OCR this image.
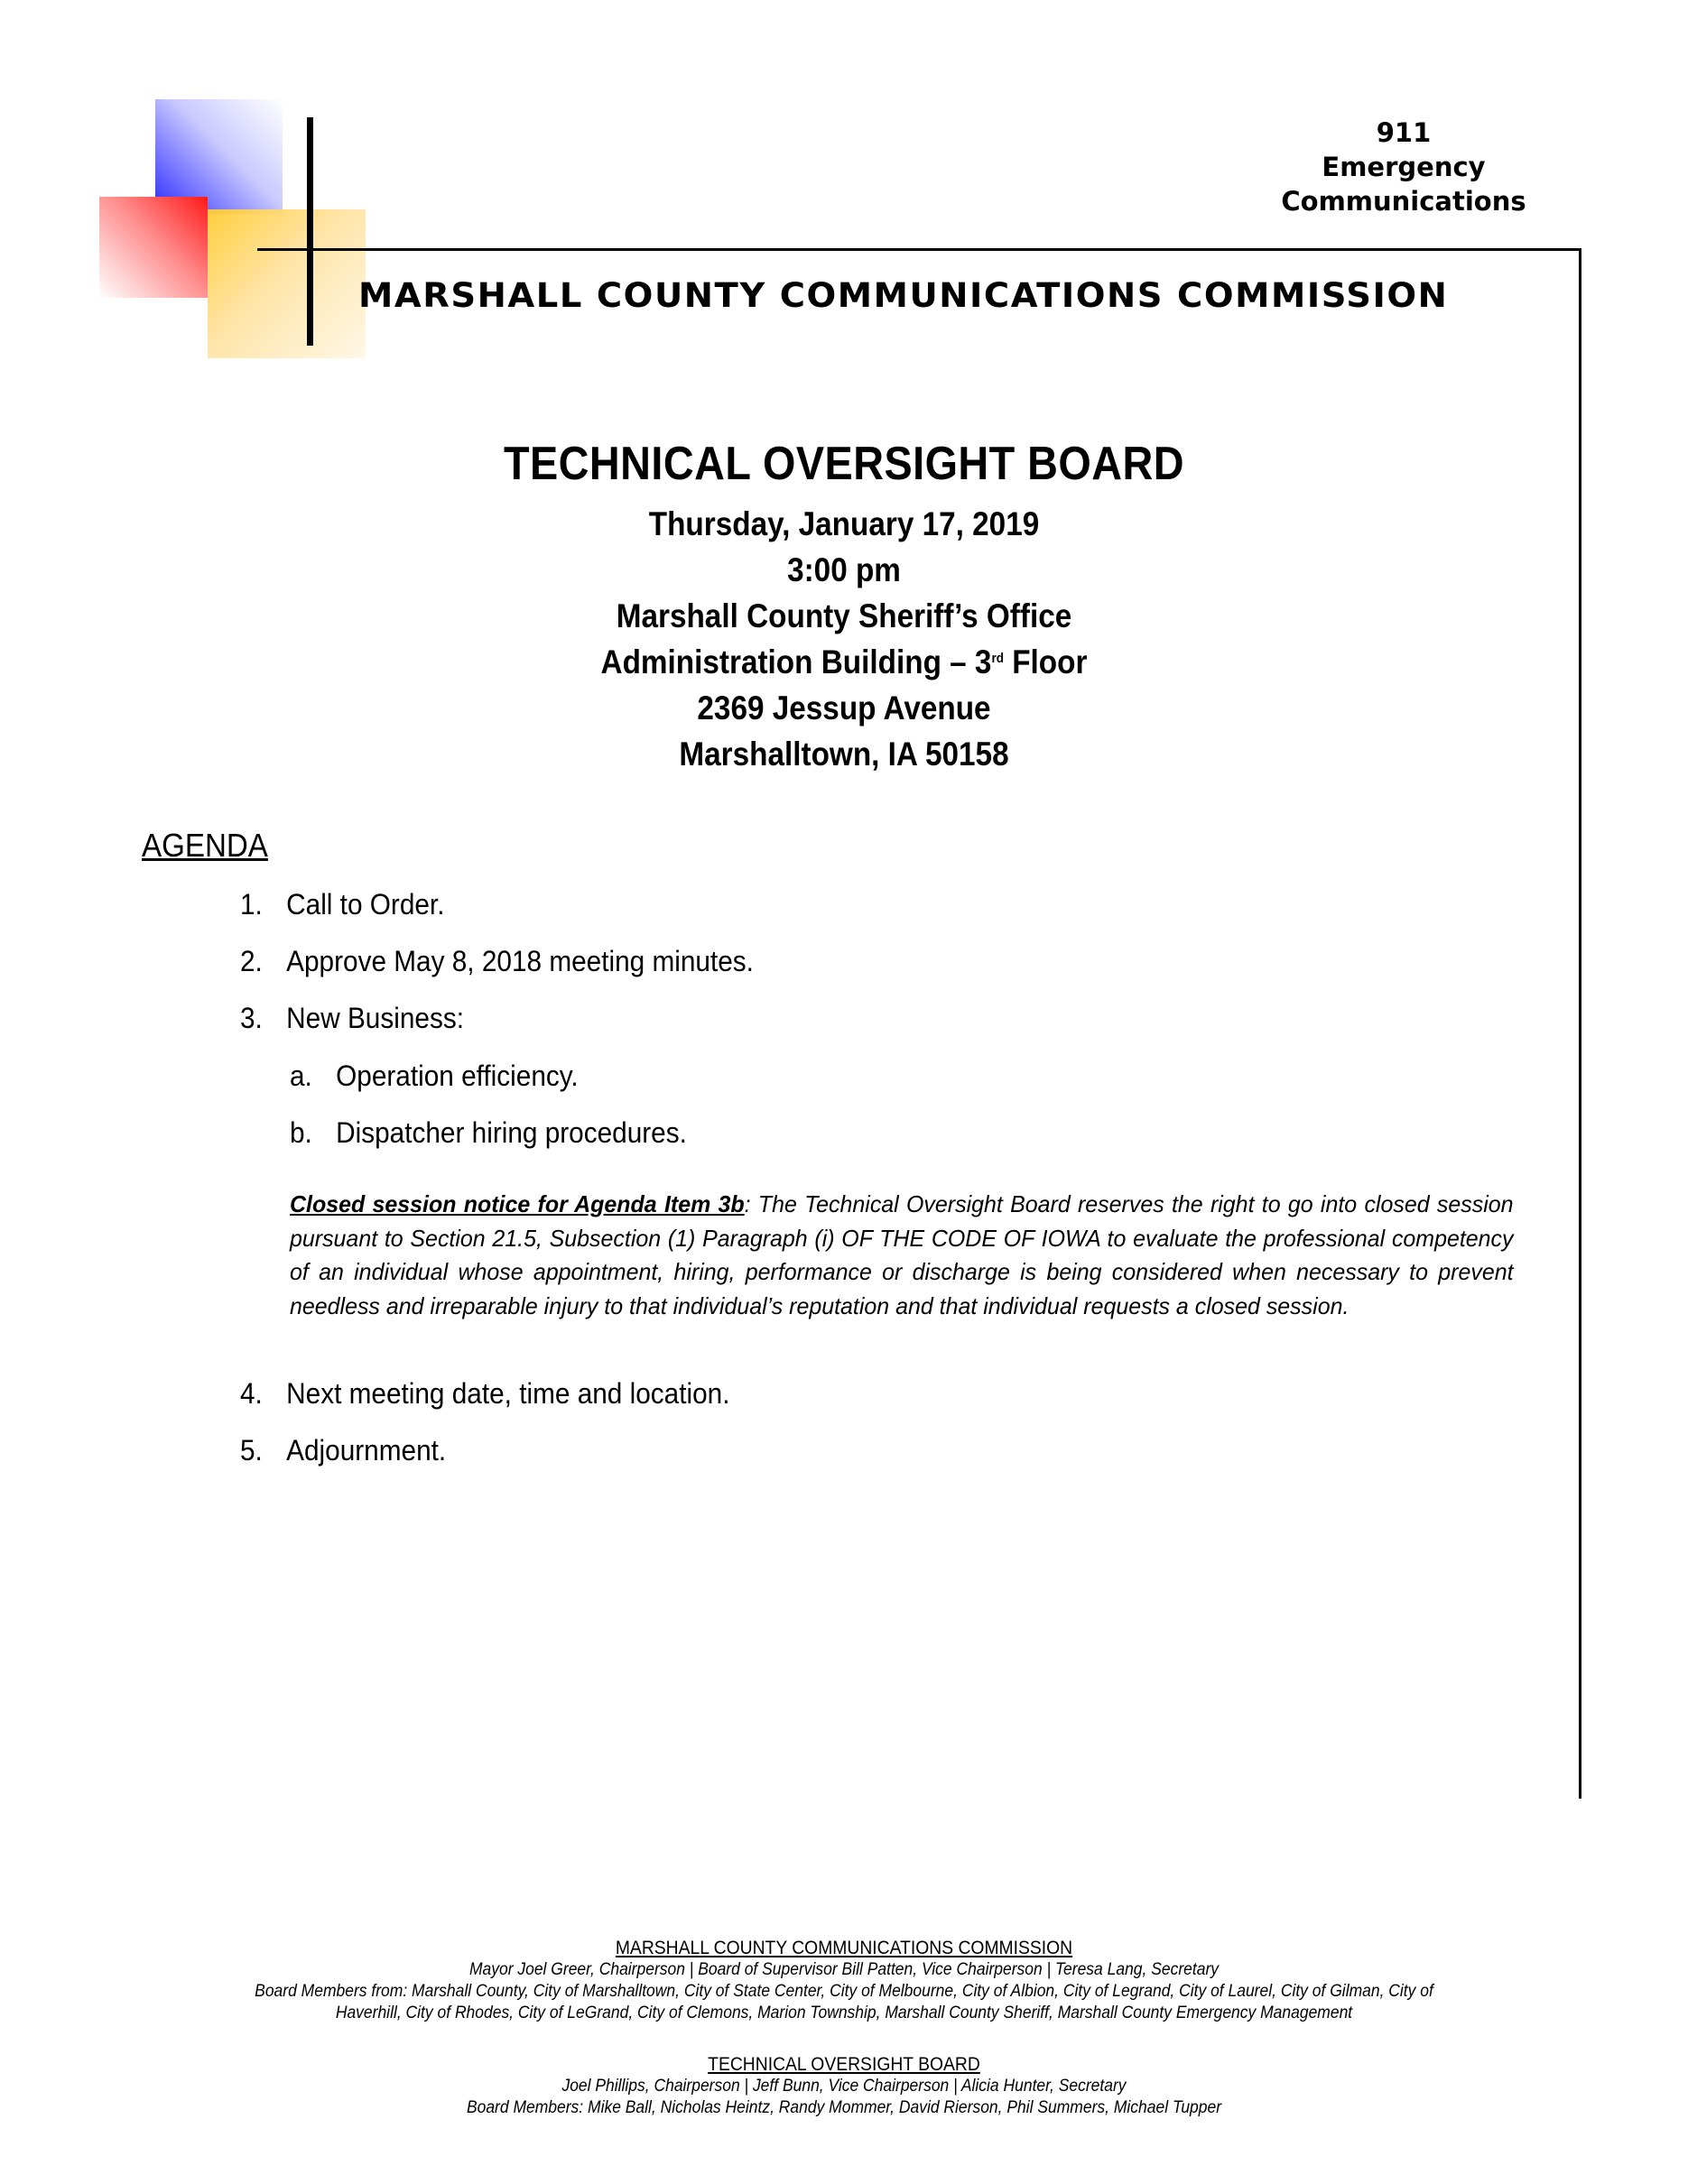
MARSHALL COUNTY COMMUNICATIONS COMMISSION
911
Emergency
Communications
TECHNICAL OVERSIGHT BOARD
Thursday, January 17, 2019
3:00 pm
Marshall County Sheriff’s Office
Administration Building – 3rd Floor
2369 Jessup Avenue
Marshalltown, IA 50158
AGENDA
1. Call to Order.
2. Approve May 8, 2018 meeting minutes.
3. New Business:
a. Operation efficiency.
b. Dispatcher hiring procedures.
Closed session notice for Agenda Item 3b: The Technical Oversight Board reserves the right to go into closed session pursuant to Section 21.5, Subsection (1) Paragraph (i) OF THE CODE OF IOWA to evaluate the professional competency of an individual whose appointment, hiring, performance or discharge is being considered when necessary to prevent needless and irreparable injury to that individual’s reputation and that individual requests a closed session.
4. Next meeting date, time and location.
5. Adjournment.
MARSHALL COUNTY COMMUNICATIONS COMMISSION
Mayor Joel Greer, Chairperson | Board of Supervisor Bill Patten, Vice Chairperson | Teresa Lang, Secretary
Board Members from: Marshall County, City of Marshalltown, City of State Center, City of Melbourne, City of Albion, City of Legrand, City of Laurel, City of Gilman, City of
Haverhill, City of Rhodes, City of LeGrand, City of Clemons, Marion Township, Marshall County Sheriff, Marshall County Emergency Management
TECHNICAL OVERSIGHT BOARD
Joel Phillips, Chairperson | Jeff Bunn, Vice Chairperson | Alicia Hunter, Secretary
Board Members: Mike Ball, Nicholas Heintz, Randy Mommer, David Rierson, Phil Summers, Michael Tupper
